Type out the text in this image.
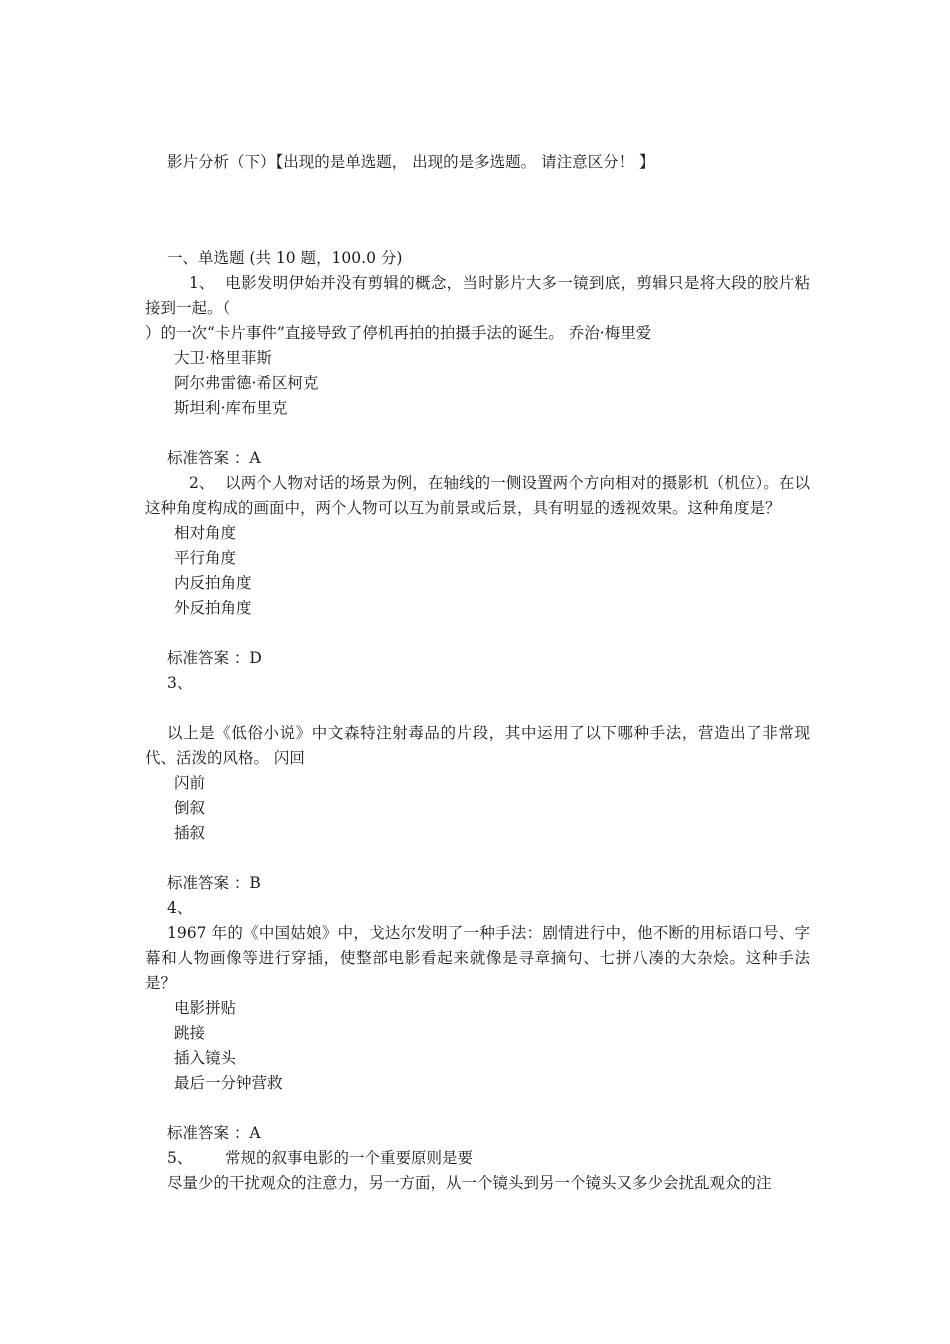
影片分析（下）【出现的是单选题， 出现的是多选题。 请注意区分！ 】
一、单选题 (共 10 题，100.0 分)
1、 电影发明伊始并没有剪辑的概念，当时影片大多一镜到底，剪辑只是将大段的胶片粘接到一起。（
）的一次“卡片事件”直接导致了停机再拍的拍摄手法的诞生。 乔治·梅里爱
大卫·格里菲斯
阿尔弗雷德·希区柯克
斯坦利·库布里克
标准答案 ：A
2、 以两个人物对话的场景为例，在轴线的一侧设置两个方向相对的摄影机（机位）。在以这种角度构成的画面中，两个人物可以互为前景或后景，具有明显的透视效果。这种角度是？
相对角度
平行角度
内反拍角度
外反拍角度
标准答案 ：D
3、
以上是《低俗小说》中文森特注射毒品的片段，其中运用了以下哪种手法，营造出了非常现代、活泼的风格。 闪回
闪前
倒叙
插叙
标准答案 ：B
4、
1967 年的《中国姑娘》中，戈达尔发明了一种手法：剧情进行中，他不断的用标语口号、字幕和人物画像等进行穿插，使整部电影看起来就像是寻章摘句、七拼八凑的大杂烩。这种手法是？
电影拼贴
跳接
插入镜头
最后一分钟营救
标准答案 ：A
5、 常规的叙事电影的一个重要原则是要
尽量少的干扰观众的注意力，另一方面，从一个镜头到另一个镜头又多少会扰乱观众的注
